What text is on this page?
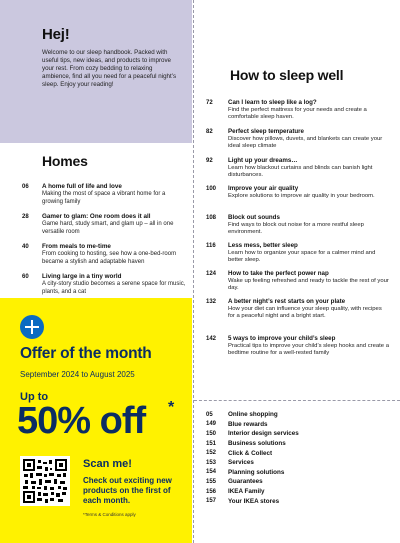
Hej!

Welcome to our sleep handbook. Packed with useful tips, new ideas, and products to improve your rest. From cozy bedding to relaxing ambience, find all you need for a peaceful night’s sleep. Enjoy your reading!

Homes
06	A home full of life and love
Making the most of space a vibrant home for a growing family
28	Gamer to glam: One room does it all
Game hard, study smart, and glam up – all in one versatile room
40	From meals to me-time
From cooking to hosting, see how a one-bed-room became a stylish and adaptable haven
60	Living large in a tiny world
A city-story studio becomes a serene space for music, plants, and a cat
Offer of the month
September 2024 to August 2025
Up to
50% off *
Scan me!
Check out exciting new products on the first of each month.
*Terms & Conditions apply
How to sleep well
72	Can I learn to sleep like a log?
Find the perfect mattress for your needs and create a comfortable sleep haven.
82	Perfect sleep temperature
Discover how pillows, duvets, and blankets can create your ideal sleep climate
92	Light up your dreams…
Learn how blackout curtains and blinds can banish light disturbances.
100	Improve your air quality
Explore solutions to improve air quality in your bedroom.
108	Block out sounds
Find ways to block out noise for a more restful sleep environment.
116	Less mess, better sleep
Learn how to organize your space for a calmer mind and better sleep.
124	How to take the perfect power nap
Wake up feeling refreshed and ready to tackle the rest of your day.
132	A better night’s rest starts on your plate
How your diet can influence your sleep quality, with recipes for a peaceful night and a bright start.
142	5 ways to improve your child’s sleep
Practical tips to improve your child’s sleep hooks and create a bedtime routine for a well-rested family
05	Online shopping
149	Blue rewards
150	Interior design services
151	Business solutions
152	Click & Collect
153	Services
154	Planning solutions
155	Guarantees
156	IKEA Family
157	Your IKEA stores
